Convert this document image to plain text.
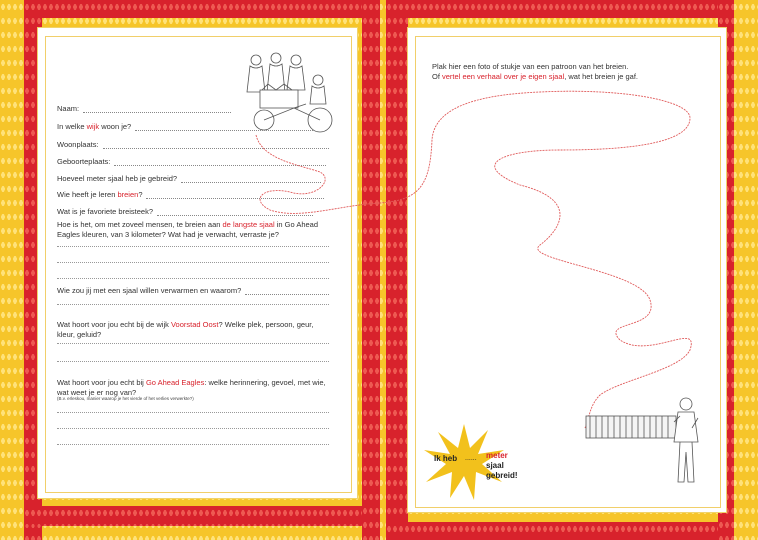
Naam:
In welke wijk woon je?
Woonplaats:
Geboorteplaats:
Hoeveel meter sjaal heb je gebreid?
Wie heeft je leren breien?
Wat is je favoriete breisteek?
Hoe is het, om met zoveel mensen, te breien aan de langste sjaal in Go Ahead Eagles kleuren, van 3 kilometer? Wat had je verwacht, verraste je?
Wie zou jij met een sjaal willen verwarmen en waarom?
Wat hoort voor jou echt bij de wijk Voorstad Oost? Welke plek, persoon, geur, kleur, geluid?
Wat hoort voor jou echt bij Go Ahead Eagles: welke herinnering, gevoel, met wie, wat weet je er nog van?
(B.v. erleskou, manier waarop je het vierde of het verlies verwerkte?)
Plak hier een foto of stukje van een patroon van het breien.
Of vertel een verhaal over je eigen sjaal, wat het breien je gaf.
Ik heb ...... meter
sjaal
gebreid!
